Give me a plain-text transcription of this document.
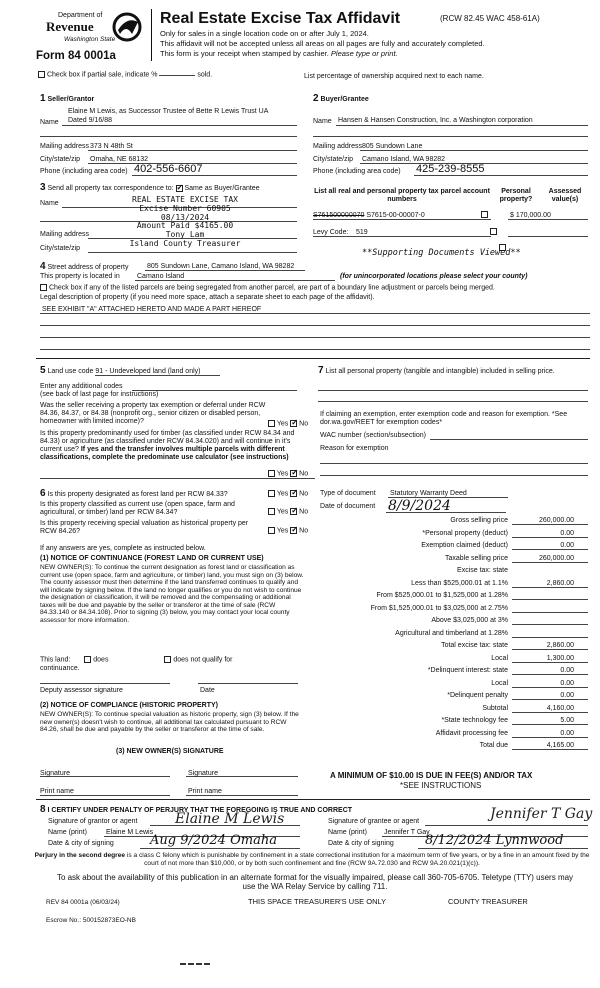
Department of
Revenue
Washington State
Form 84 0001a
Real Estate Excise Tax Affidavit	(RCW 82.45 WAC 458-61A)
Only for sales in a single location code on or after July 1, 2024.
This affidavit will not be accepted unless all areas on all pages are fully and accurately completed.
This form is your receipt when stamped by cashier. Please type or print.
Check box if partial sale, indicate %	sold.	List percentage of ownership acquired next to each name.
1 Seller/Grantor
Elaine M Lewis, as Successor Trustee of Bette R Lewis Trust UA
Name Dated 9/16/88
Mailing address 373 N 48th St
City/state/zip Omaha, NE 68132
Phone (including area code) 402-556-6607
2 Buyer/Grantee
Name Hansen & Hansen Construction, Inc. a Washington corporation
Mailing address 805 Sundown Lane
City/state/zip Camano Island, WA 98282
Phone (including area code) 425-239-8555
3 Send all property tax correspondence to: ✓ Same as Buyer/Grantee
Name
Mailing address
City/state/zip
REAL ESTATE EXCISE TAX
Excise Number 60905
08/13/2024
Amount Paid $4165.00
Tony Lam
Island County Treasurer
List all real and personal property tax parcel account numbers
Personal property?
Assessed value(s)
S761500000070 S7615-00-00007-0
	$ 170,000.00
Levy Code: 519

**Supporting Documents Viewed**
4 Street address of property	805 Sundown Lane, Camano Island, WA 98282
This property is located in Camano Island	(for unincorporated locations please select your county)
Check box if any of the listed parcels are being segregated from another parcel, are part of a boundary line adjustment or parcels being merged.
Legal description of property (if you need more space, attach a separate sheet to each page of the affidavit).
SEE EXHIBIT "A" ATTACHED HERETO AND MADE A PART HEREOF
5 Land use code 91 - Undeveloped land (land only)
Enter any additional codes
(see back of last page for instructions)
Was the seller receiving a property tax exemption or deferral under RCW 84.36, 84.37, or 84.38 (nonprofit org., senior citizen or disabled person, homeowner with limited income)?	Yes ✓ No
Is this property predominantly used for timber (as classified under RCW 84.34 and 84.33) or agriculture (as classified under RCW 84.34.020) and will continue in it's current use? If yes and the transfer involves multiple parcels with different classifications, complete the predominate use calculator (see instructions)
Yes ✓ No
7 List all personal property (tangible and intangible) included in selling price.
If claiming an exemption, enter exemption code and reason for exemption. *See dor.wa.gov/REET for exemption codes*
WAC number (section/subsection)
Reason for exemption
6 Is this property designated as forest land per RCW 84.33?	Yes ✓ No
Is this property classified as current use (open space, farm and agricultural, or timber) land per RCW 84.34?	Yes ✓ No
Is this property receiving special valuation as historical property per RCW 84.26?	Yes ✓ No
If any answers are yes, complete as instructed below.
(1) NOTICE OF CONTINUANCE (FOREST LAND OR CURRENT USE)
NEW OWNER(S): To continue the current designation as forest land or classification as current use (open space, farm and agriculture, or timber) land, you must sign on (3) below. The county assessor must then determine if the land transferred continues to qualify and will indicate by signing below. If the land no longer qualifies or you do not wish to continue the designation or classification, it will be removed and the compensating or additional taxes will be due and payable by the seller or transferor at the time of sale (RCW 84.33.140 or 84.34.108). Prior to signing (3) below, you may contact your local county assessor for more information.
This land:	does	does not qualify for
continuance.
Deputy assessor signature	Date
(2) NOTICE OF COMPLIANCE (HISTORIC PROPERTY)
NEW OWNER(S): To continue special valuation as historic property, sign (3) below. If the new owner(s) doesn't wish to continue, all additional tax calculated pursuant to RCW 84.26, shall be due and payable by the seller or transferor at the time of sale.
(3) NEW OWNER(S) SIGNATURE
Signature	Signature
Print name	Print name
Type of document Statutory Warranty Deed
Date of document 8/9/2024
Gross selling price	260,000.00
*Personal property (deduct)	0.00
Exemption claimed (deduct)	0.00
Taxable selling price	260,000.00
Excise tax: state
Less than $525,000.01 at 1.1%	2,860.00
From $525,000.01 to $1,525,000 at 1.28%
From $1,525,000.01 to $3,025,000 at 2.75%
Above $3,025,000 at 3%
Agricultural and timberland at 1.28%
Total excise tax: state	2,860.00
Local	1,300.00
*Delinquent interest: state	0.00
Local	0.00
*Delinquent penalty	0.00
Subtotal	4,160.00
*State technology fee	5.00
Affidavit processing fee	0.00
Total due	4,165.00
A MINIMUM OF $10.00 IS DUE IN FEE(S) AND/OR TAX
*SEE INSTRUCTIONS
8 I CERTIFY UNDER PENALTY OF PERJURY THAT THE FOREGOING IS TRUE AND CORRECT
Signature of grantor or agent	Elaine M Lewis	Signature of grantee or agent	Jennifer T Gay
Name (print)	Elaine M Lewis	Name (print) Jennifer T Gay
Date & city of signing	Aug 9/2024 Omaha	Date & city of signing 8/12/2024 Lynnwood
Perjury in the second degree is a class C felony which is punishable by confinement in a state correctional institution for a maximum term of five years, or by a fine in an amount fixed by the court of not more than $10,000, or by both such confinement and fine (RCW 9A.72.030 and RCW 9A.20.021(1)(c)).
To ask about the availability of this publication in an alternate format for the visually impaired, please call 360-705-6705. Teletype (TTY) users may use the WA Relay Service by calling 711.
REV 84 0001a (06/03/24)	THIS SPACE TREASURER'S USE ONLY	COUNTY TREASURER
Escrow No.: 500152873EO-NB
